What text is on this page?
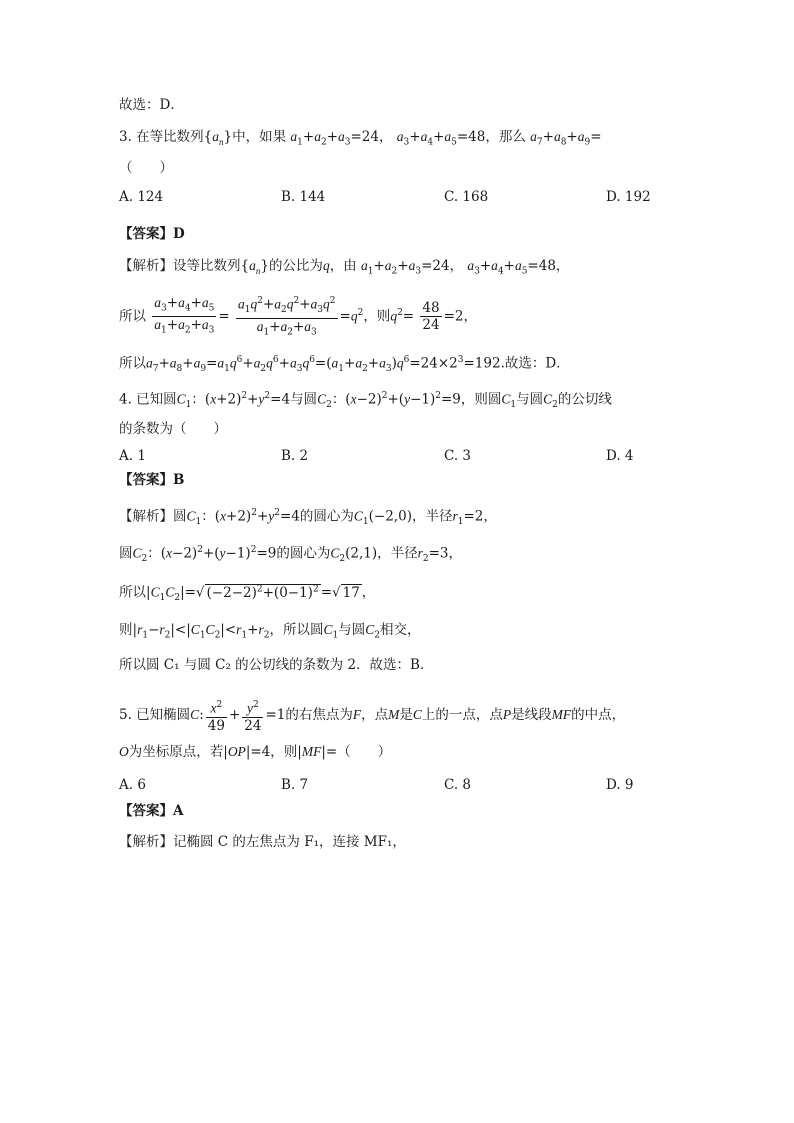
故选：D．
3. 在等比数列$\{a_n\}$中，如果 $a_1+a_2+a_3=24$， $a_3+a_4+a_5=48$，那么 $a_7+a_8+a_9=$
（　　）
A. 124	B. 144	C. 168	D. 192
【答案】D
【解析】设等比数列$\{a_n\}$的公比为q，由 $a_1+a_2+a_3=24$， $a_3+a_4+a_5=48$，
所以 $\frac{a_3+a_4+a_5}{a_1+a_2+a_3} = \frac{a_1q^2+a_2q^2+a_3q^2}{a_1+a_2+a_3} =q^2$，则$q^2= \frac{48}{24} =2$，
所以$a_7+a_8+a_9=a_1q^6+a_2q^6+a_3q^6=(a_1+a_2+a_3)q^6=24\times 2^3=192$.故选：D．
4. 已知圆$C_1$：$(x+2)^2+y^2=4$与圆$C_2$：$(x-2)^2+(y-1)^2=9$，则圆$C_1$与圆$C_2$的公切线
的条数为（　　）
A. 1	B. 2	C. 3	D. 4
【答案】B
【解析】圆$C_1$：$(x+2)^2+y^2=4$的圆心为$C_1(-2,0)$，半径$r_1=2$，
圆$C_2$：$(x-2)^2+(y-1)^2=9$的圆心为$C_2(2,1)$，半径$r_2=3$，
所以$|C_1C_2|=√$ $(-2-2)^2+(0-1)^2$ =√ 17 ，
则$|r_1-r_2|<|C_1C_2|<r_1+r_2$，所以圆$C_1$与圆$C_2$相交，
所以圆 C₁ 与圆 C₂ 的公切线的条数为 2．故选：B．
5. 已知椭圆C: $\frac{x^2}{49} + \frac{y^2}{24} =1$的右焦点为F，点M是C上的一点，点P是线段MF的中点，
O为坐标原点，若|OP|=4，则|MF|=（　　）
A. 6	B. 7	C. 8	D. 9
【答案】A
【解析】记椭圆 C 的左焦点为 F₁，连接 MF₁，
